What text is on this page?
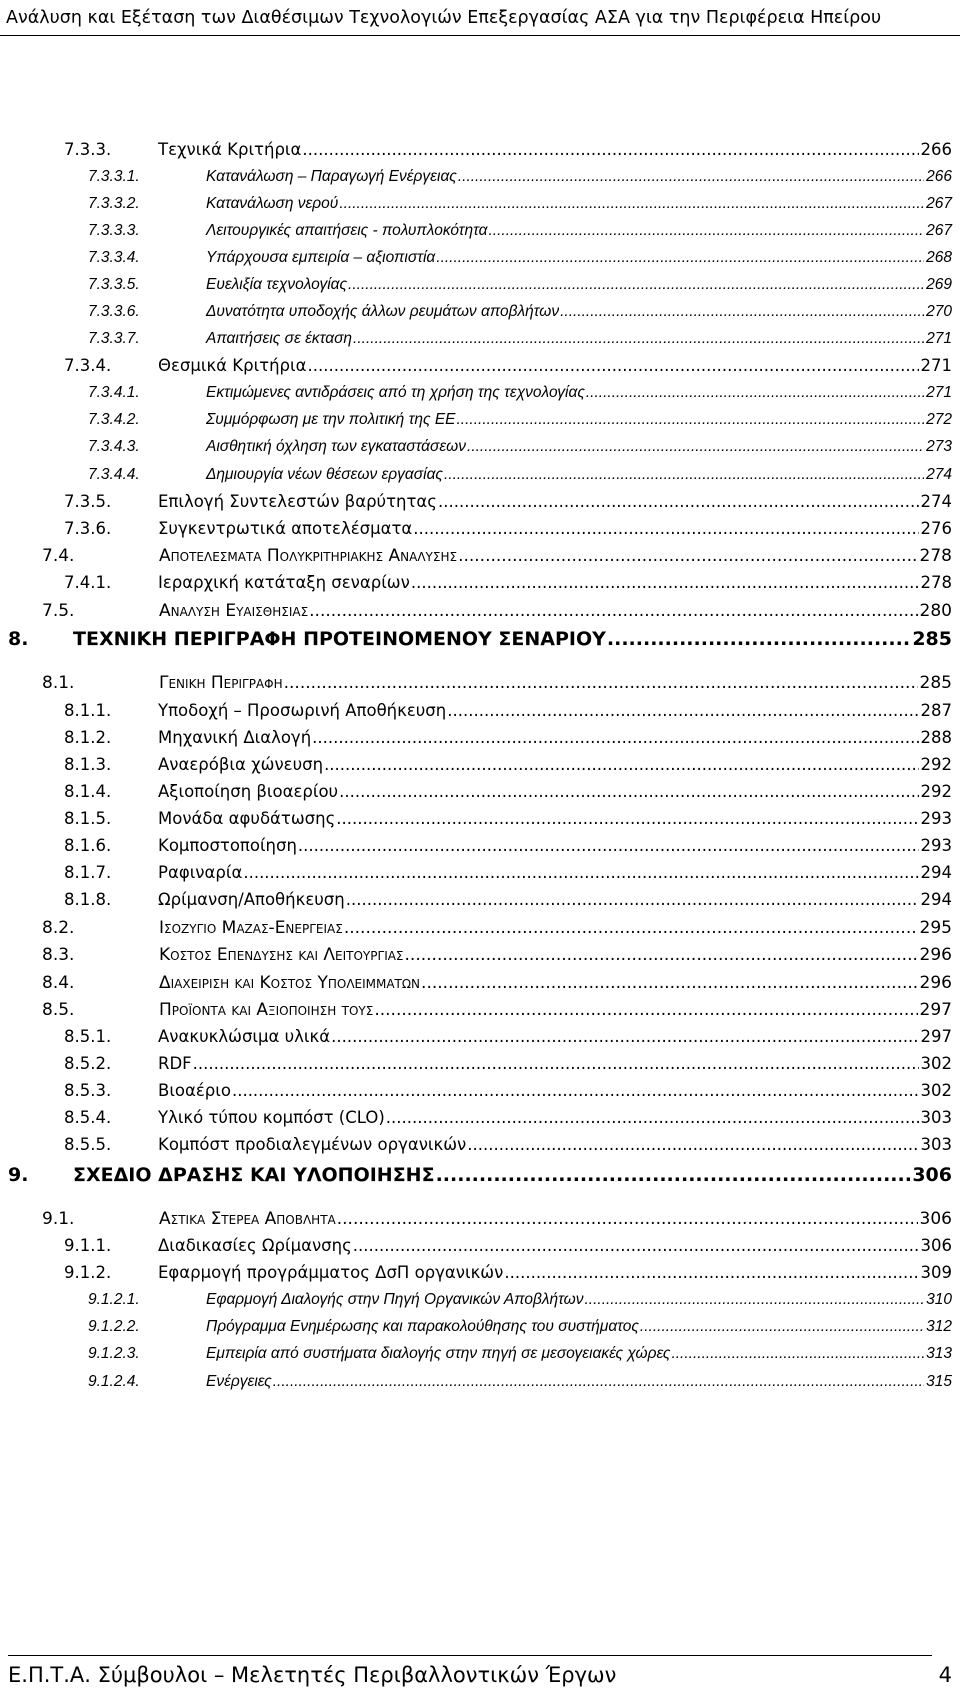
Ανάλυση και Εξέταση των Διαθέσιμων Τεχνολογιών Επεξεργασίας ΑΣΑ για την Περιφέρεια Ηπείρου
7.3.3.	Τεχνικά Κριτήρια .....	266
7.3.3.1.	Κατανάλωση – Παραγωγή Ενέργειας .....	266
7.3.3.2.	Κατανάλωση νερού .....	267
7.3.3.3.	Λειτουργικές απαιτήσεις - πολυπλοκότητα .....	267
7.3.3.4.	Υπάρχουσα εμπειρία – αξιοπιστία .....	268
7.3.3.5.	Ευελιξία τεχνολογίας .....	269
7.3.3.6.	Δυνατότητα υποδοχής άλλων ρευμάτων αποβλήτων .....	270
7.3.3.7.	Απαιτήσεις σε έκταση .....	271
7.3.4.	Θεσμικά Κριτήρια .....	271
7.3.4.1.	Εκτιμώμενες αντιδράσεις από τη χρήση της τεχνολογίας .....	271
7.3.4.2.	Συμμόρφωση με την πολιτική της ΕΕ .....	272
7.3.4.3.	Αισθητική όχληση των εγκαταστάσεων .....	273
7.3.4.4.	Δημιουργία νέων θέσεων εργασίας .....	274
7.3.5.	Επιλογή Συντελεστών βαρύτητας .....	274
7.3.6.	Συγκεντρωτικά αποτελέσματα .....	276
7.4.	Αποτελεσματα Πολυκριτηριακης Αναλυσης .....	278
7.4.1.	Ιεραρχική κατάταξη σεναρίων .....	278
7.5.	Αναλυση Ευαισθησιας .....	280
8.	ΤΕΧΝΙΚΗ ΠΕΡΙΓΡΑΦΗ ΠΡΟΤΕΙΝΟΜΕΝΟΥ ΣΕΝΑΡΙΟΥ .....	285
8.1.	Γενικη Περιγραφη .....	285
8.1.1.	Υποδοχή – Προσωρινή Αποθήκευση .....	287
8.1.2.	Μηχανική Διαλογή .....	288
8.1.3.	Αναερόβια χώνευση .....	292
8.1.4.	Αξιοποίηση βιοαερίου .....	292
8.1.5.	Μονάδα αφυδάτωσης .....	293
8.1.6.	Κομποστοποίηση .....	293
8.1.7.	Ραφιναρία .....	294
8.1.8.	Ωρίμανση/Αποθήκευση .....	294
8.2.	Ισοζυγιο Μαζας-Ενεργειας .....	295
8.3.	Κοστος Επενδυσης και Λειτουργιας .....	296
8.4.	Διαχειριση και Κοστος Υπολειμματων .....	296
8.5.	Προϊοντα και Αξιοποιηση τους .....	297
8.5.1.	Ανακυκλώσιμα υλικά .....	297
8.5.2.	RDF .....	302
8.5.3.	Βιοαέριο .....	302
8.5.4.	Υλικό τύπου κομπόστ (CLO) .....	303
8.5.5.	Κομπόστ προδιαλεγμένων οργανικών .....	303
9.	ΣΧΕΔΙΟ ΔΡΑΣΗΣ ΚΑΙ ΥΛΟΠΟΙΗΣΗΣ .....	306
9.1.	Αστικα Στερεα Αποβλητα .....	306
9.1.1.	Διαδικασίες Ωρίμανσης .....	306
9.1.2.	Εφαρμογή προγράμματος ΔσΠ οργανικών .....	309
9.1.2.1.	Εφαρμογή Διαλογής στην Πηγή Οργανικών Αποβλήτων .....	310
9.1.2.2.	Πρόγραμμα Ενημέρωσης και παρακολούθησης του συστήματος .....	312
9.1.2.3.	Εμπειρία από συστήματα διαλογής στην πηγή σε μεσογειακές χώρες .....	313
9.1.2.4.	Ενέργειες .....	315
Ε.Π.Τ.Α. Σύμβουλοι – Μελετητές Περιβαλλοντικών Έργων	4
